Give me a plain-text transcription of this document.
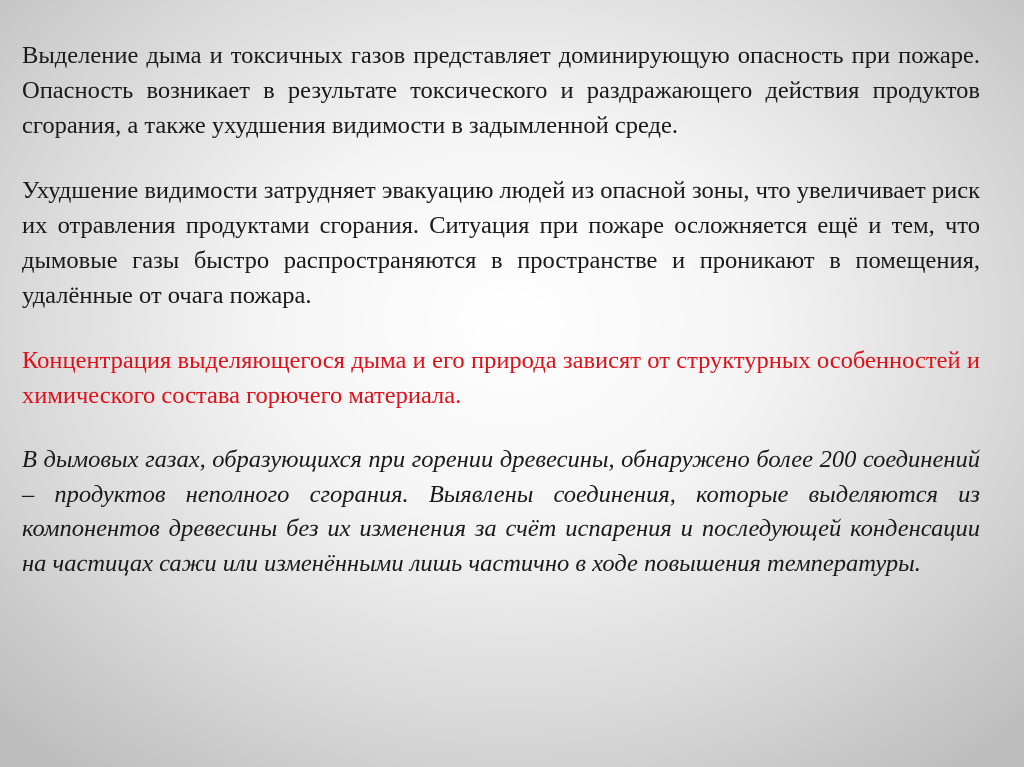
Выделение дыма и токсичных газов представляет доминирующую опасность при пожаре. Опасность возникает в результате токсического и раздражающего действия продуктов сгорания, а также ухудшения видимости в задымленной среде.

Ухудшение видимости затрудняет эвакуацию людей из опасной зоны, что увеличивает риск их отравления продуктами сгорания. Ситуация при пожаре осложняется ещё и тем, что дымовые газы быстро распространяются в пространстве и проникают в помещения, удалённые от очага пожара.

Концентрация выделяющегося дыма и его природа зависят от структурных особенностей и химического состава горючего материала.

В дымовых газах, образующихся при горении древесины, обнаружено более 200 соединений – продуктов неполного сгорания. Выявлены соединения, которые выделяются из компонентов древесины без их изменения за счёт испарения и последующей конденсации на частицах сажи или изменёнными лишь частично в ходе повышения температуры.
